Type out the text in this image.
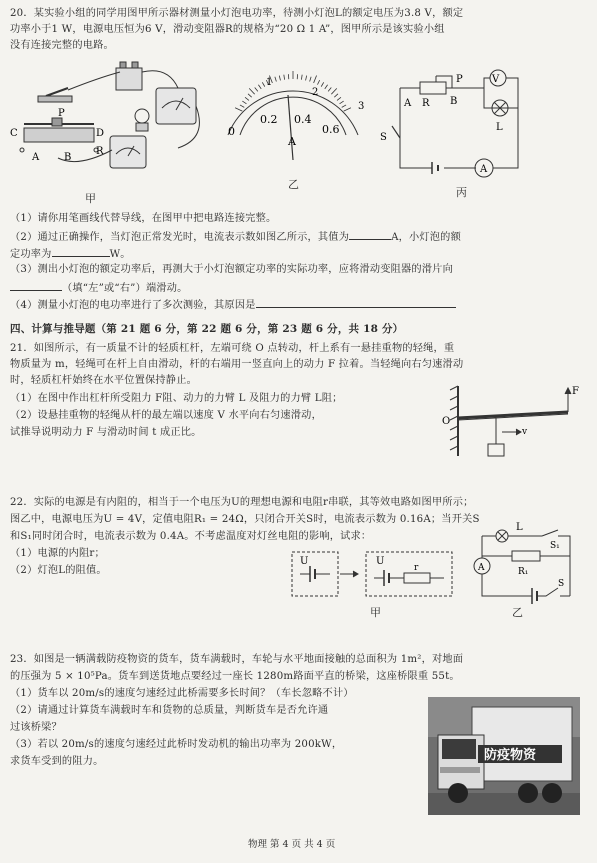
20．某实验小组的同学用图甲所示器材测量小灯泡电功率，待测小灯泡L的额定电压为3.8 V，额定
功率小于1 W，电源电压恒为6 V，滑动变阻器R的规格为“20 Ω 1 A”，图甲所示是该实验小组
没有连接完整的电路。
C
P
D
A B
R
甲
0
0.2 0.4
0.6
1
2
3
A
乙
V
L
A
R B
A
P
S
丙
（1）请你用笔画线代替导线，在图甲中把电路连接完整。
（2）通过正确操作，当灯泡正常发光时，电流表示数如图乙所示，其值为	A，小灯泡的额
定功率为	W。
（3）测出小灯泡的额定功率后，再测大于小灯泡额定功率的实际功率，应将滑动变阻器的滑片向
（填“左”或“右”）端滑动。
（4）测量小灯泡的电功率进行了多次测验，其原因是
四、计算与推导题（第 21 题 6 分，第 22 题 6 分，第 23 题 6 分，共 18 分）
21．如图所示，有一质量不计的轻质杠杆，左端可绕 O 点转动，杆上系有一悬挂重物的轻绳，重
物质量为 m，轻绳可在杆上自由滑动，杆的右端用一竖直向上的动力 F 拉着。当轻绳向右匀速滑动
时，轻质杠杆始终在水平位置保持静止。
（1）在图中作出杠杆所受阻力 F阻、动力的力臂 L 及阻力的力臂 L阻；
（2）设悬挂重物的轻绳从杆的最左端以速度 V 水平向右匀速滑动，
试推导说明动力 F 与滑动时间 t 成正比。
O
F
v
22．实际的电源是有内阻的，相当于一个电压为U的理想电源和电阻r串联，其等效电路如图甲所示；
图乙中，电源电压为U = 4V，定值电阻R₁ = 24Ω，只闭合开关S时，电流表示数为 0.16A；当开关S
和S₁同时闭合时，电流表示数为 0.4A。不考虑温度对灯丝电阻的影响，试求：
（1）电源的内阻r；
（2）灯泡L的阻值。
U	U
r
甲
L
S₁
R₁
A
S
乙
23．如图是一辆满载防疫物资的货车，货车满载时，车轮与水平地面接触的总面积为 1m²，对地面
的压强为 5 × 10⁵Pa。货车到送货地点要经过一座长 1280m路面平直的桥梁，这座桥限重 55t。
（1）货车以 20m/s的速度匀速经过此桥需要多长时间？（车长忽略不计）
（2）请通过计算货车满载时车和货物的总质量，判断货车是否允许通
过该桥梁？
（3）若以 20m/s的速度匀速经过此桥时发动机的输出功率为 200kW，
求货车受到的阻力。	防疫物资
物理 第 4 页 共 4 页
